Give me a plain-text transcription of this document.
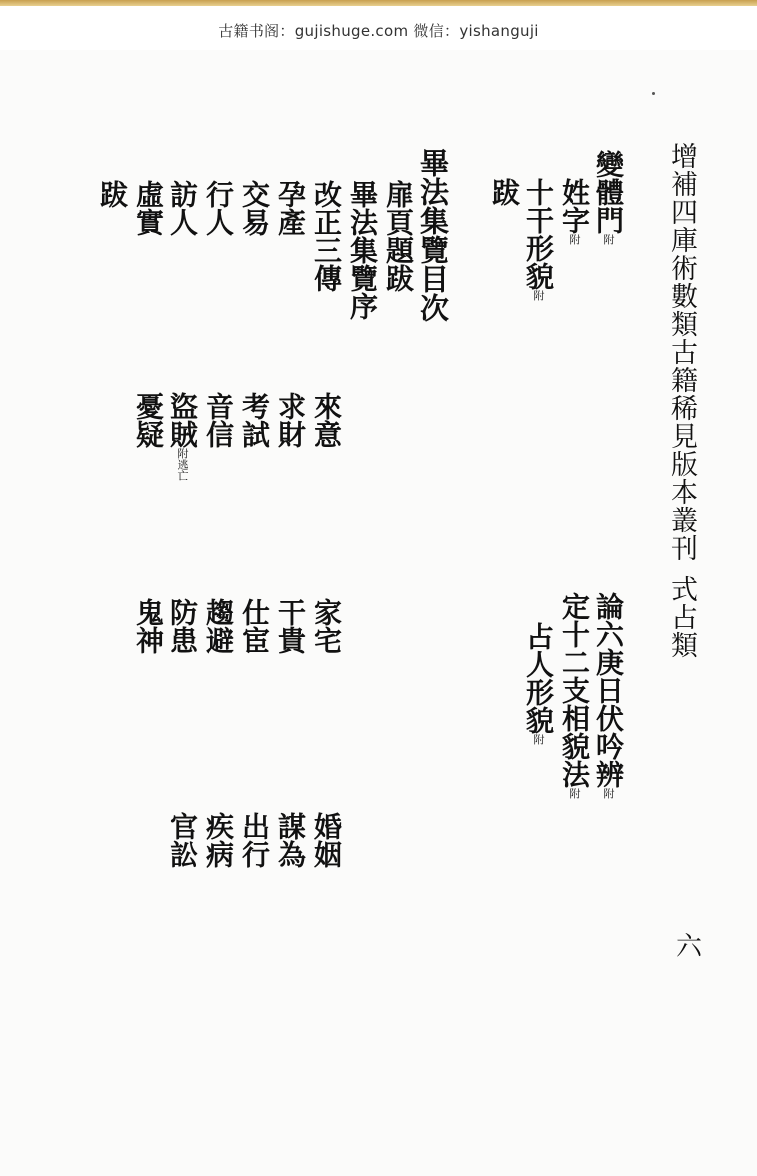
古籍书阁：gujishuge.com 微信：yishanguji
增補四庫術數類古籍稀見版本叢刊
式占類
變體門附
姓字附
十干形貌附
跋
論六庚日伏吟辨附
定十二支相貌法附
占人形貌附
畢法集覽目次
扉頁題跋
畢法集覽序
改正三傳
孕產
交易
行人
訪人
虛實
跋
來意
求財
考試
音信
盜賊附逃亡
憂疑
家宅
干貴
仕宦
趨避
防患
鬼神
婚姻
謀為
出行
疾病
官訟
六
